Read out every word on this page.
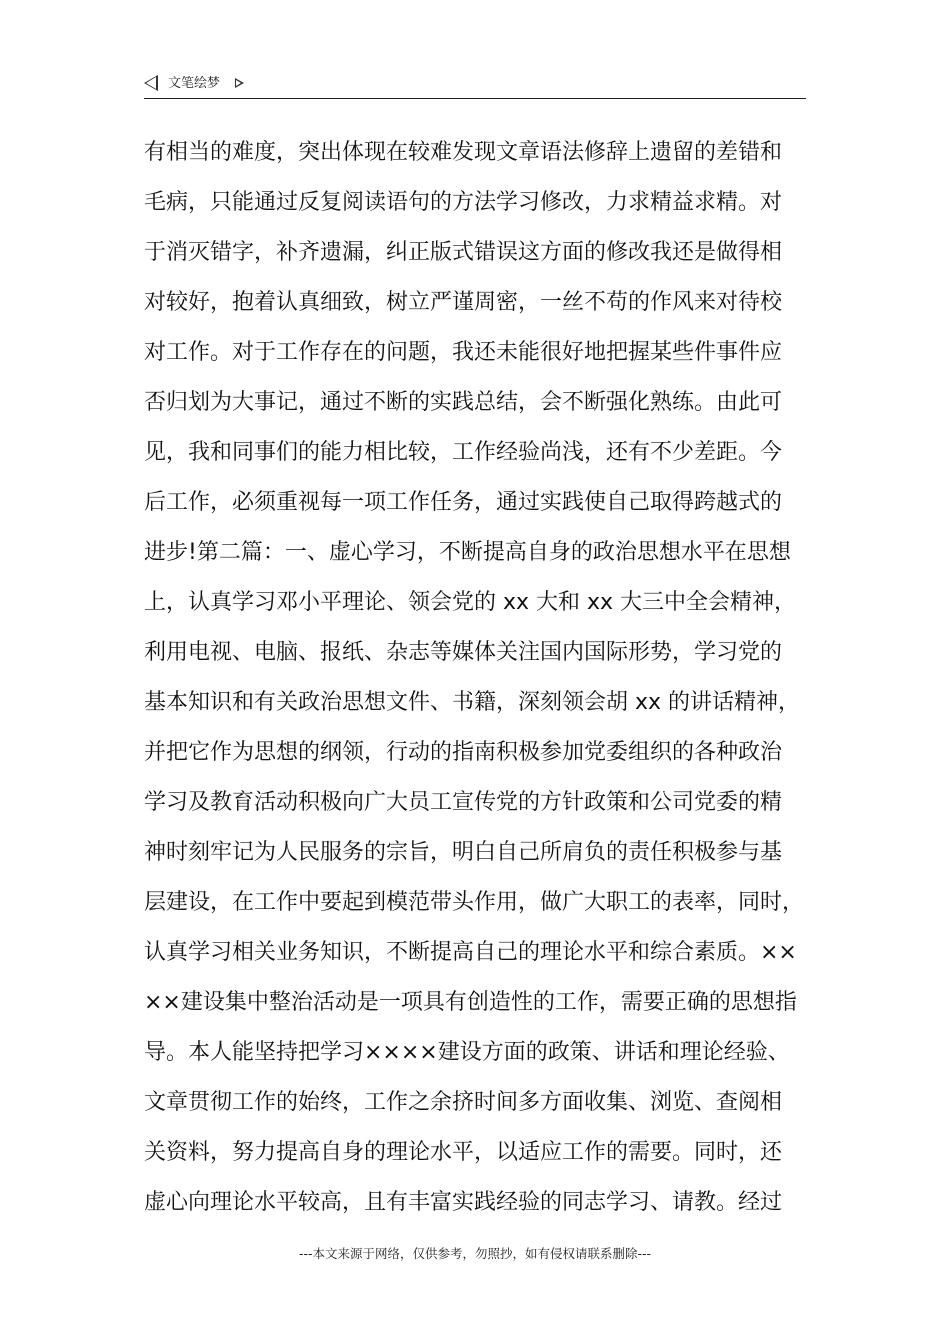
文笔绘梦
有相当的难度，突出体现在较难发现文章语法修辞上遗留的差错和
毛病，只能通过反复阅读语句的方法学习修改，力求精益求精。对
于消灭错字，补齐遗漏，纠正版式错误这方面的修改我还是做得相
对较好，抱着认真细致，树立严谨周密，一丝不苟的作风来对待校
对工作。对于工作存在的问题，我还未能很好地把握某些件事件应
否归划为大事记，通过不断的实践总结，会不断强化熟练。由此可
见，我和同事们的能力相比较，工作经验尚浅，还有不少差距。今
后工作，必须重视每一项工作任务，通过实践使自己取得跨越式的
进步!第二篇：一、虚心学习，不断提高自身的政治思想水平在思想
上，认真学习邓小平理论、领会党的 xx 大和 xx 大三中全会精神，
利用电视、电脑、报纸、杂志等媒体关注国内国际形势，学习党的
基本知识和有关政治思想文件、书籍，深刻领会胡 xx 的讲话精神，
并把它作为思想的纲领，行动的指南积极参加党委组织的各种政治
学习及教育活动积极向广大员工宣传党的方针政策和公司党委的精
神时刻牢记为人民服务的宗旨，明白自己所肩负的责任积极参与基
层建设，在工作中要起到模范带头作用，做广大职工的表率，同时，
认真学习相关业务知识，不断提高自己的理论水平和综合素质。××
××建设集中整治活动是一项具有创造性的工作，需要正确的思想指
导。本人能坚持把学习××××建设方面的政策、讲话和理论经验、
文章贯彻工作的始终，工作之余挤时间多方面收集、浏览、查阅相
关资料，努力提高自身的理论水平，以适应工作的需要。同时，还
虚心向理论水平较高，且有丰富实践经验的同志学习、请教。经过
---本文来源于网络，仅供参考，勿照抄，如有侵权请联系删除---
